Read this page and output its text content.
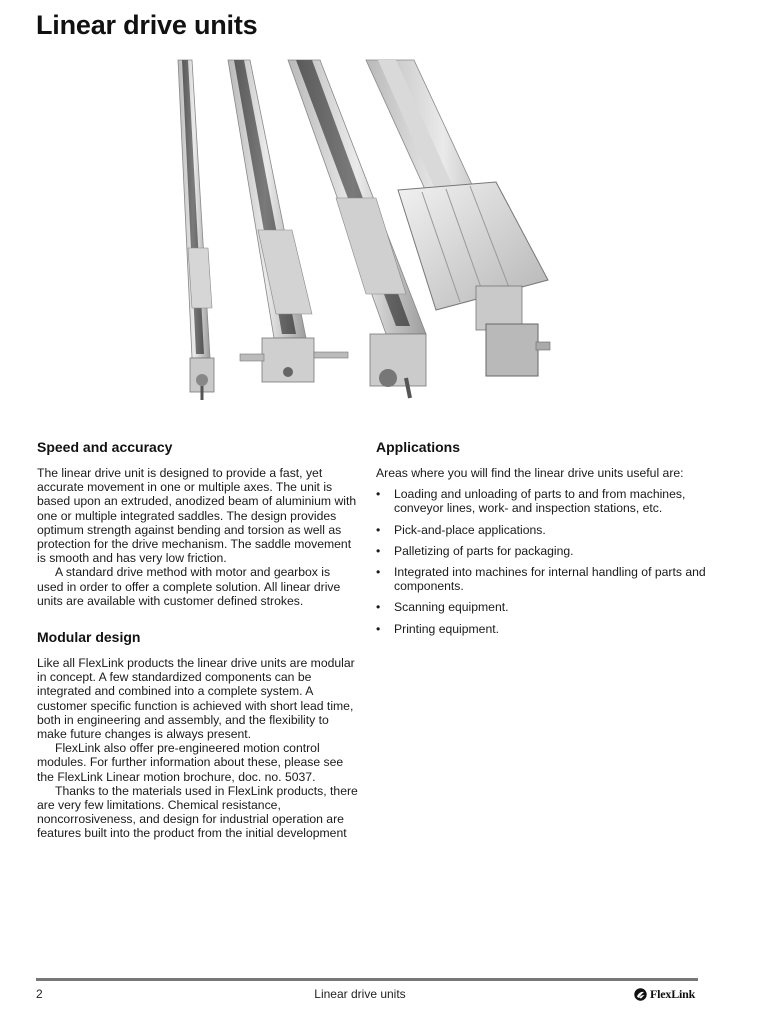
Linear drive units
Speed and accuracy

The linear drive unit is designed to provide a fast, yet accurate movement in one or multiple axes. The unit is based upon an extruded, anodized beam of aluminium with one or multiple integrated saddles. The design provides optimum strength against bending and torsion as well as protection for the drive mechanism. The saddle movement is smooth and has very low friction.

A standard drive method with motor and gearbox is used in order to offer a complete solution. All linear drive units are available with customer defined strokes.

Modular design

Like all FlexLink products the linear drive units are modular in concept. A few standardized components can be integrated and combined into a complete system. A customer specific function is achieved with short lead time, both in engineering and assembly, and the flexibility to make future changes is always present.

FlexLink also offer pre-engineered motion control modules. For further information about these, please see the FlexLink Linear motion brochure, doc. no. 5037.

Thanks to the materials used in FlexLink products, there are very few limitations. Chemical resistance, noncorrosiveness, and design for industrial operation are features built into the product from the initial development

Applications

Areas where you will find the linear drive units useful are:

• Loading and unloading of parts to and from machines, conveyor lines, work- and inspection stations, etc.
• Pick-and-place applications.
• Palletizing of parts for packaging.
• Integrated into machines for internal handling of parts and components.
• Scanning equipment.
• Printing equipment.
2	Linear drive units	FlexLink
